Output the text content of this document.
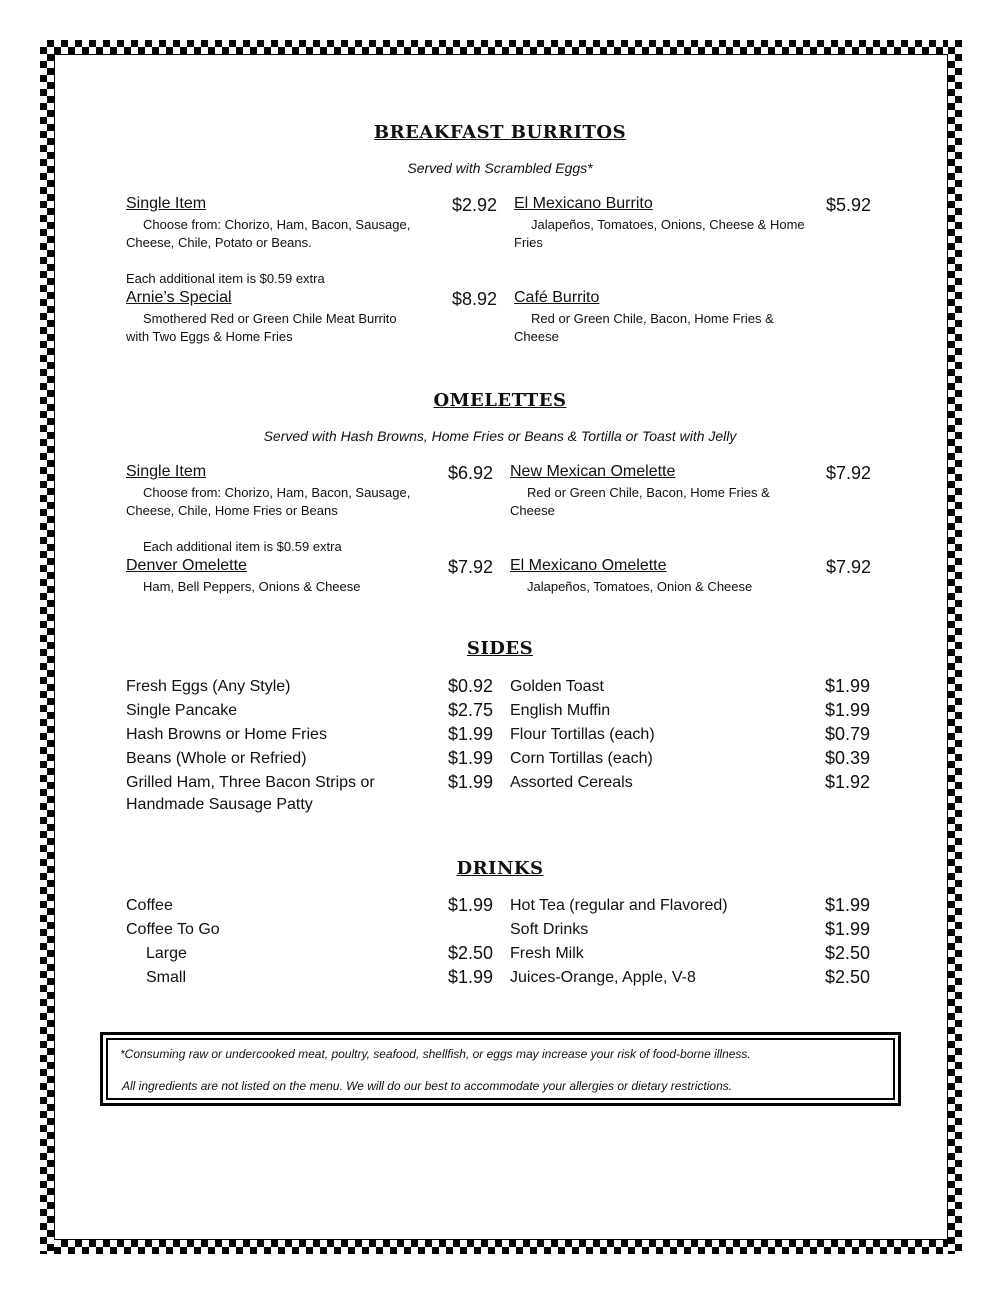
BREAKFAST BURRITOS
Served with Scrambled Eggs*
Single Item	$2.92
Choose from: Chorizo, Ham, Bacon, Sausage,
Cheese, Chile, Potato or Beans.
Each additional item is $0.59 extra
El Mexicano Burrito	$5.92
Jalapeños, Tomatoes, Onions, Cheese & Home
Fries
Arnie’s Special	$8.92
Smothered Red or Green Chile Meat Burrito
with Two Eggs & Home Fries
Café Burrito
Red or Green Chile, Bacon, Home Fries &
Cheese
OMELETTES
Served with Hash Browns, Home Fries or Beans & Tortilla or Toast with Jelly
Single Item	$6.92
Choose from: Chorizo, Ham, Bacon, Sausage,
Cheese, Chile, Home Fries or Beans
Each additional item is $0.59 extra
New Mexican Omelette	$7.92
Red or Green Chile, Bacon, Home Fries &
Cheese
Denver Omelette	$7.92
Ham, Bell Peppers, Onions & Cheese
El Mexicano Omelette	$7.92
Jalapeños, Tomatoes, Onion & Cheese
SIDES
Fresh Eggs (Any Style)	$0.92
Single Pancake	$2.75
Hash Browns or Home Fries	$1.99
Beans (Whole or Refried)	$1.99
Grilled Ham, Three Bacon Strips or
Handmade Sausage Patty
$1.99
Golden Toast	$1.99
English Muffin	$1.99
Flour Tortillas (each)	$0.79
Corn Tortillas (each)	$0.39
Assorted Cereals	$1.92
DRINKS
Coffee	$1.99
Coffee To Go
Large	$2.50
Small	$1.99
Hot Tea (regular and Flavored)	$1.99
Soft Drinks	$1.99
Fresh Milk	$2.50
Juices-Orange, Apple, V-8	$2.50
*Consuming raw or undercooked meat, poultry, seafood, shellfish, or eggs may increase your risk of food-borne illness.
All ingredients are not listed on the menu. We will do our best to accommodate your allergies or dietary restrictions.
